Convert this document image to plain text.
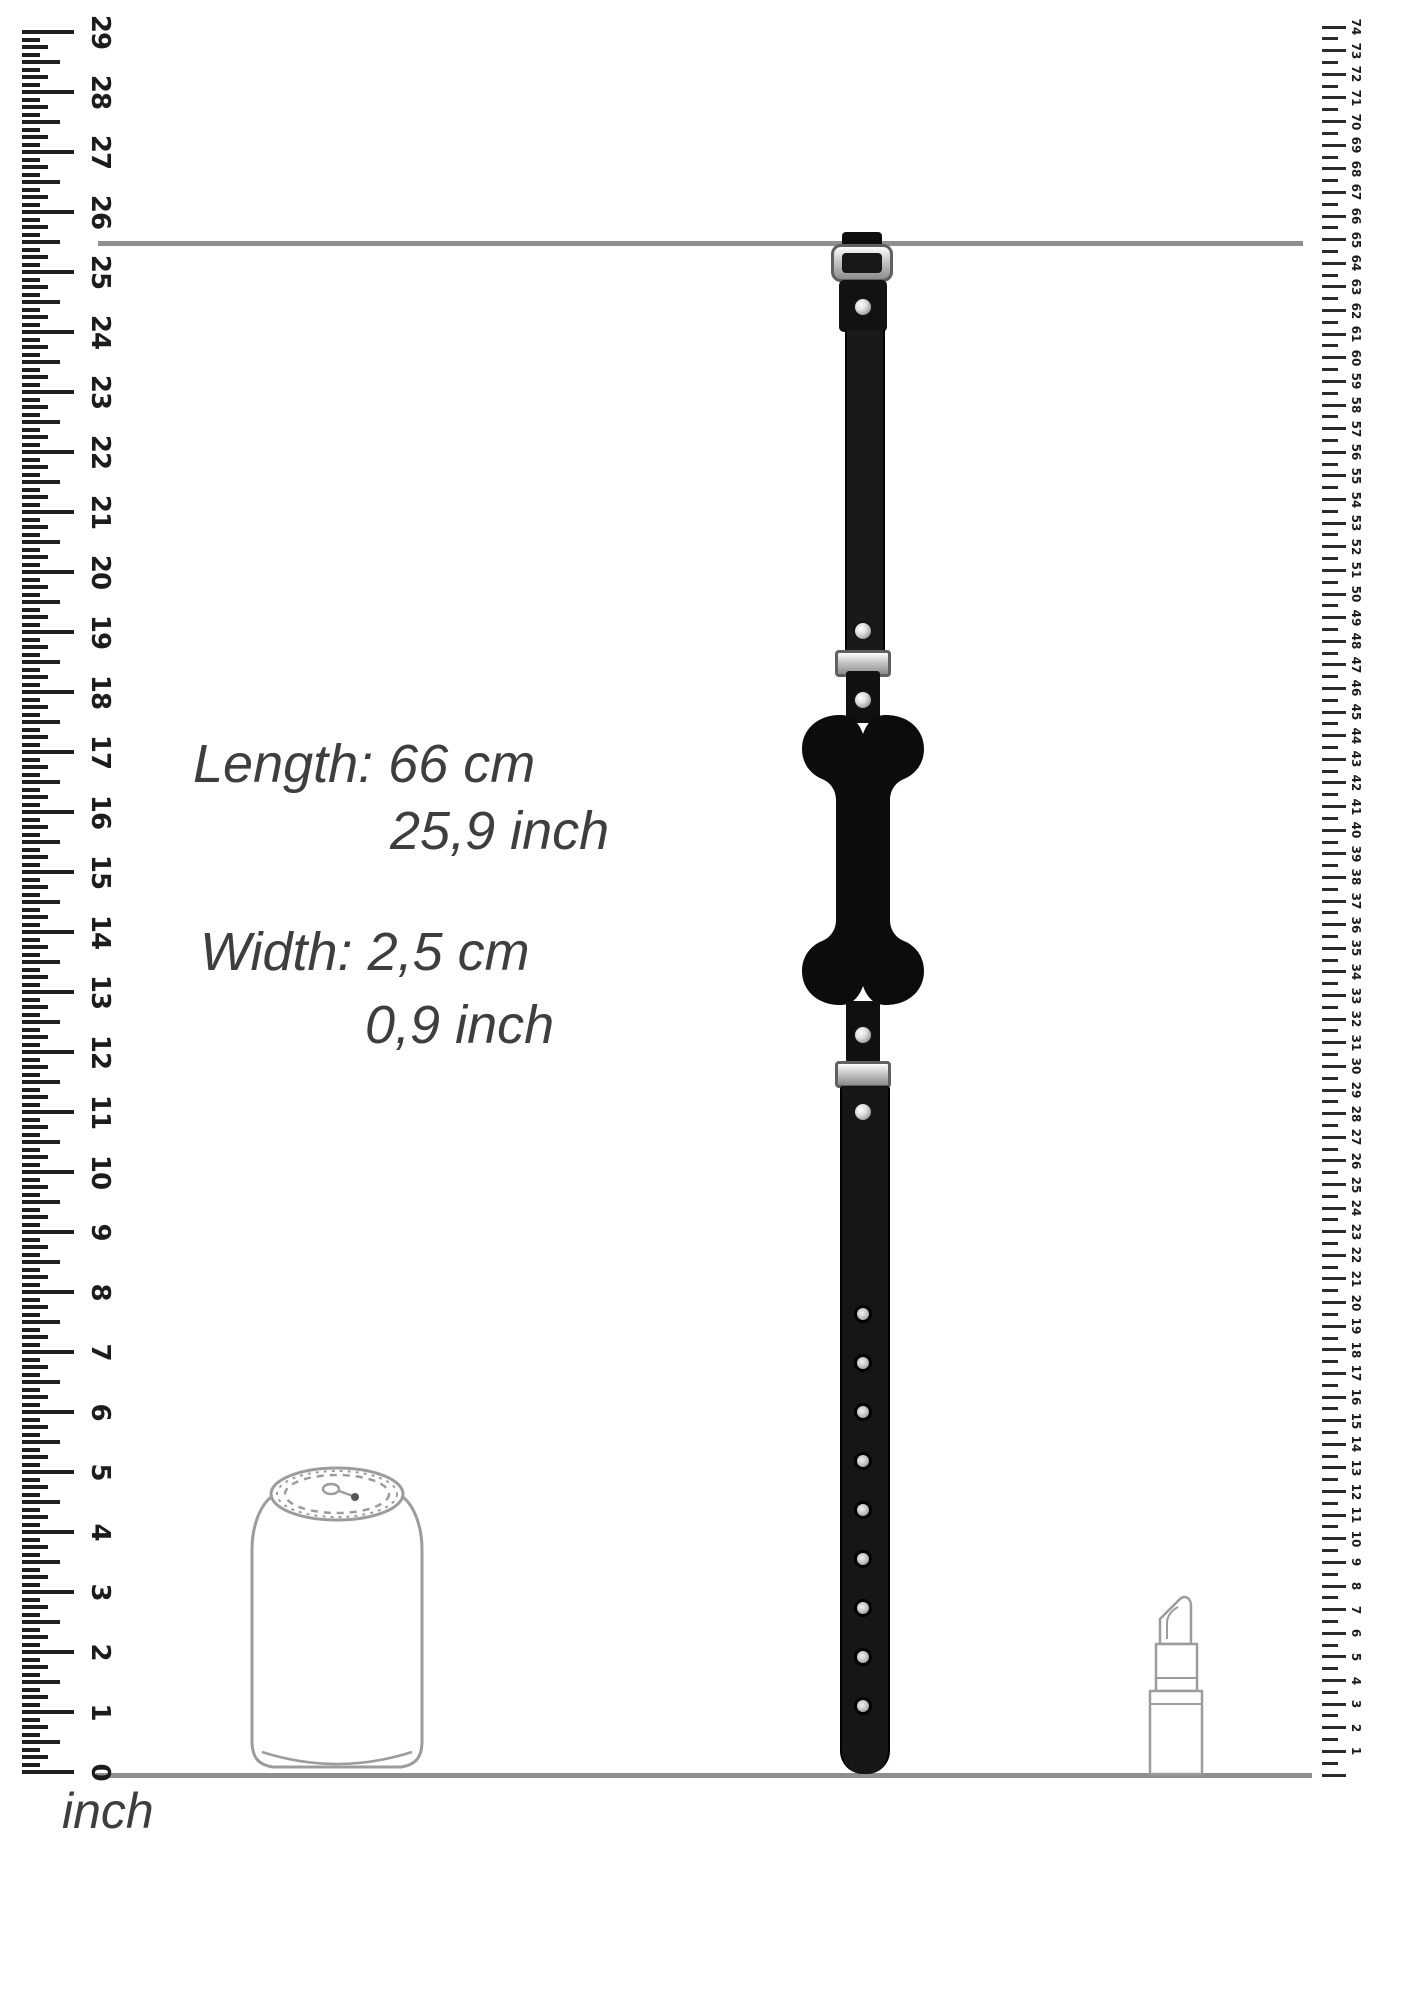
0
1
2
3
4
5
6
7
8
9
10
11
12
13
14
15
16
17
18
19
20
21
22
23
24
25
26
27
28
29
1
2
3
4
5
6
7
8
9
10
11
12
13
14
15
16
17
18
19
20
21
22
23
24
25
26
27
28
29
30
31
32
33
34
35
36
37
38
39
40
41
42
43
44
45
46
47
48
49
50
51
52
53
54
55
56
57
58
59
60
61
62
63
64
65
66
67
68
69
70
71
72
73
74
Length: 66 cm
25,9 inch
Width: 2,5 cm
0,9 inch
inch
